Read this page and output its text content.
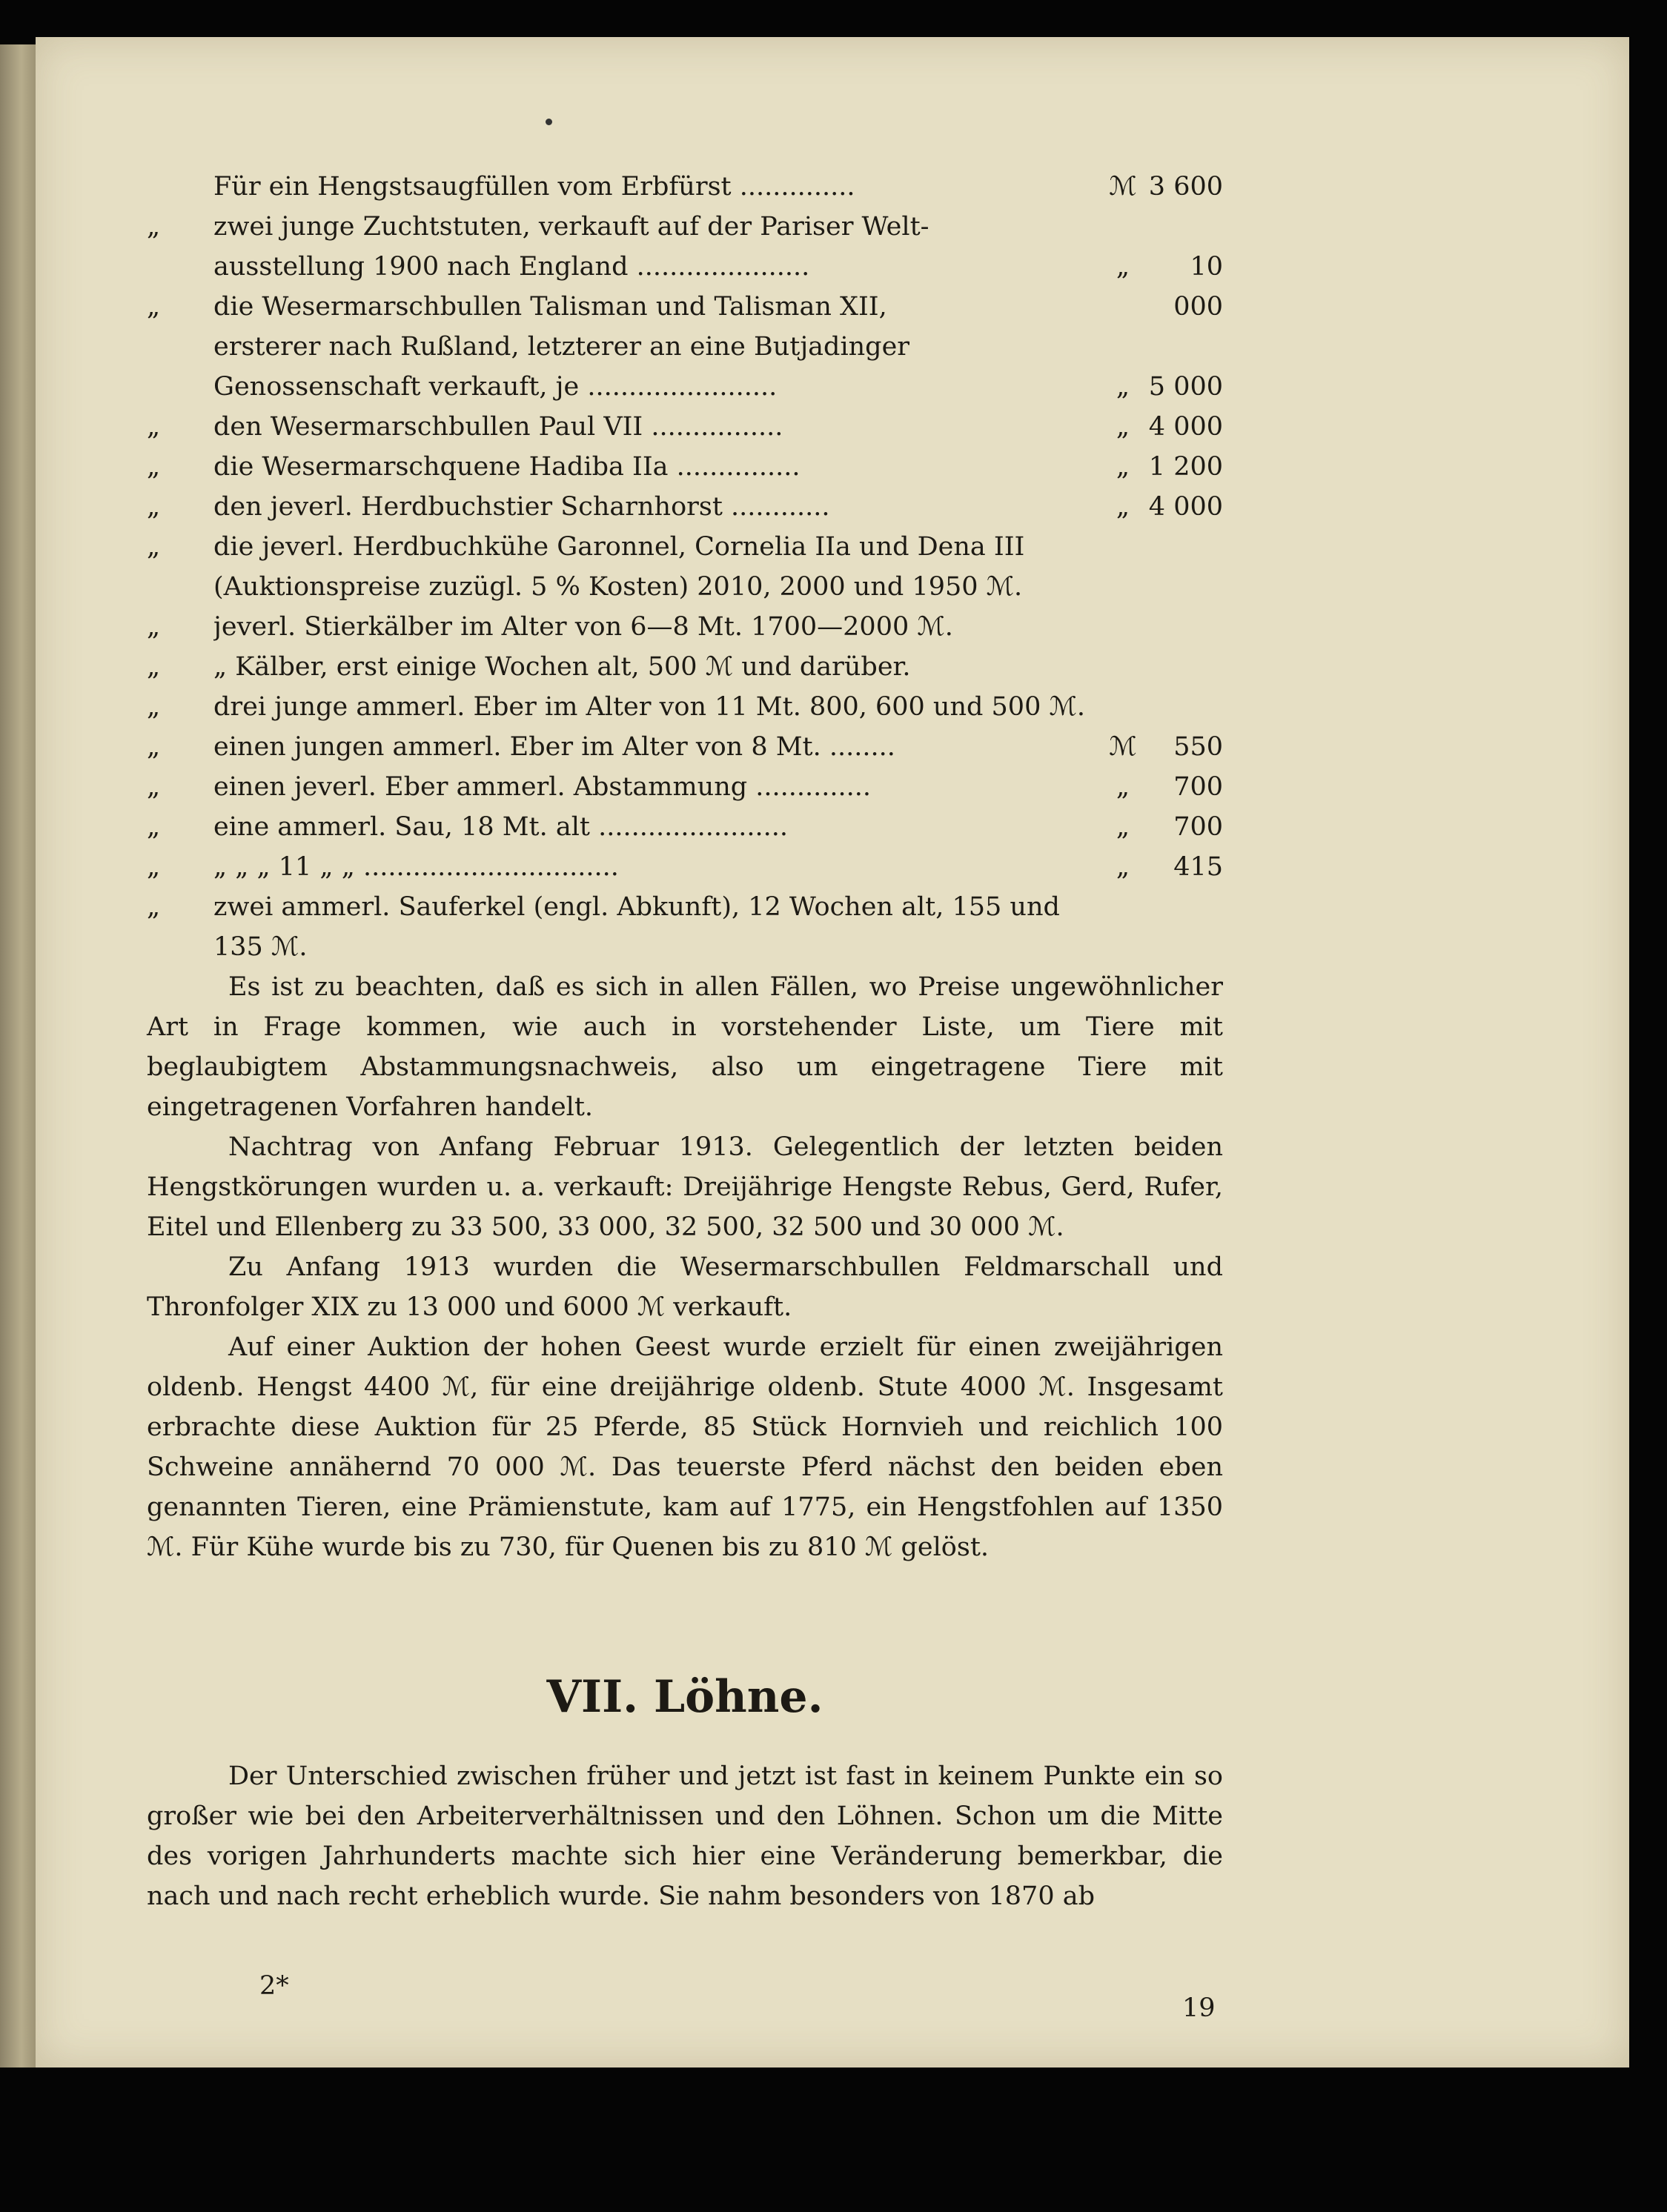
Für ein Hengstsaugfüllen vom Erbfürst ..............	ℳ 3 600
„	zwei junge Zuchtstuten, verkauft auf der Pariser Welt-
ausstellung 1900 nach England .....................	„	10 000
„	die Wesermarschbullen Talisman und Talisman XII,
ersterer nach Rußland, letzterer an eine Butjadinger
Genossenschaft verkauft, je .......................	„ 5 000
„	den Wesermarschbullen Paul VII ................	„ 4 000
„	die Wesermarschquene Hadiba IIa ...............	„ 1 200
„	den jeverl. Herdbuchstier Scharnhorst ............	„ 4 000
„	die jeverl. Herdbuchkühe Garonnel, Cornelia IIa und Dena III
(Auktionspreise zuzügl. 5 % Kosten) 2010, 2000 und 1950 ℳ.
„	jeverl. Stierkälber im Alter von 6—8 Mt. 1700—2000 ℳ.
„	„ Kälber, erst einige Wochen alt, 500 ℳ und darüber.
„	drei junge ammerl. Eber im Alter von 11 Mt. 800, 600 und 500 ℳ.
„	einen jungen ammerl. Eber im Alter von 8 Mt. ........	ℳ	550
„	einen jeverl. Eber ammerl. Abstammung ..............	„	700
„	eine ammerl. Sau, 18 Mt. alt .......................	„	700
„	„ „ „ 11 „ „ ...............................	„	415
„	zwei ammerl. Sauferkel (engl. Abkunft), 12 Wochen alt, 155 und
135 ℳ.

Es ist zu beachten, daß es sich in allen Fällen, wo Preise ungewöhnlicher Art in Frage kommen, wie auch in vorstehender Liste, um Tiere mit beglaubigtem Abstammungsnachweis, also um eingetragene Tiere mit eingetragenen Vorfahren handelt.

Nachtrag von Anfang Februar 1913. Gelegentlich der letzten beiden Hengstkörungen wurden u. a. verkauft: Dreijährige Hengste Rebus, Gerd, Rufer, Eitel und Ellenberg zu 33 500, 33 000, 32 500, 32 500 und 30 000 ℳ.

Zu Anfang 1913 wurden die Wesermarschbullen Feldmarschall und Thronfolger XIX zu 13 000 und 6000 ℳ verkauft.

Auf einer Auktion der hohen Geest wurde erzielt für einen zweijährigen oldenb. Hengst 4400 ℳ, für eine dreijährige oldenb. Stute 4000 ℳ. Insgesamt erbrachte diese Auktion für 25 Pferde, 85 Stück Hornvieh und reichlich 100 Schweine annähernd 70 000 ℳ. Das teuerste Pferd nächst den beiden eben genannten Tieren, eine Prämienstute, kam auf 1775, ein Hengstfohlen auf 1350 ℳ. Für Kühe wurde bis zu 730, für Quenen bis zu 810 ℳ gelöst.

VII. Löhne.

Der Unterschied zwischen früher und jetzt ist fast in keinem Punkte ein so großer wie bei den Arbeiterverhältnissen und den Löhnen. Schon um die Mitte des vorigen Jahrhunderts machte sich hier eine Veränderung bemerkbar, die nach und nach recht erheblich wurde. Sie nahm besonders von 1870 ab

2*
19
